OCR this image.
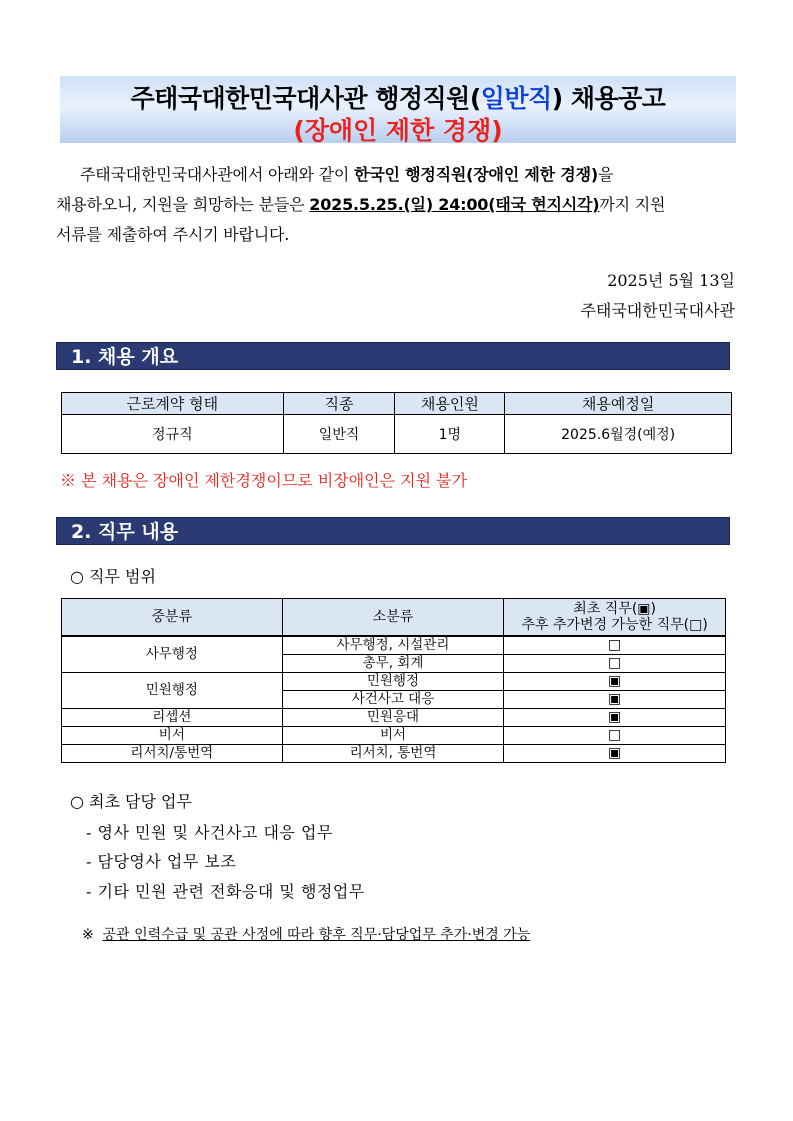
주태국대한민국대사관 행정직원(일반직) 채용공고
(장애인 제한 경쟁)
주태국대한민국대사관에서 아래와 같이 한국인 행정직원(장애인 제한 경쟁)을
채용하오니, 지원을 희망하는 분들은 2025.5.25.(일) 24:00(태국 현지시각)까지 지원
서류를 제출하여 주시기 바랍니다.
2025년 5월 13일
주태국대한민국대사관
1. 채용 개요
근로계약 형태	직종	채용인원	채용예정일
정규직	일반직	1명	2025.6월경(예정)
※ 본 채용은 장애인 제한경쟁이므로 비장애인은 지원 불가
2. 직무 내용
○ 직무 범위
중분류	소분류	최초 직무(▣)
추후 추가변경 가능한 직무(□)

사무행정	사무행정, 시설관리	□
	총무, 회계	□
민원행정	민원행정	▣
	사건사고 대응	▣
리셉션	민원응대	▣
비서	비서	□
리서치/통번역	리서치, 통번역	▣
○ 최초 담당 업무
- 영사 민원 및 사건사고 대응 업무
- 담당영사 업무 보조
- 기타 민원 관련 전화응대 및 행정업무
※ 공관 인력수급 및 공관 사정에 따라 향후 직무·담당업무 추가·변경 가능
